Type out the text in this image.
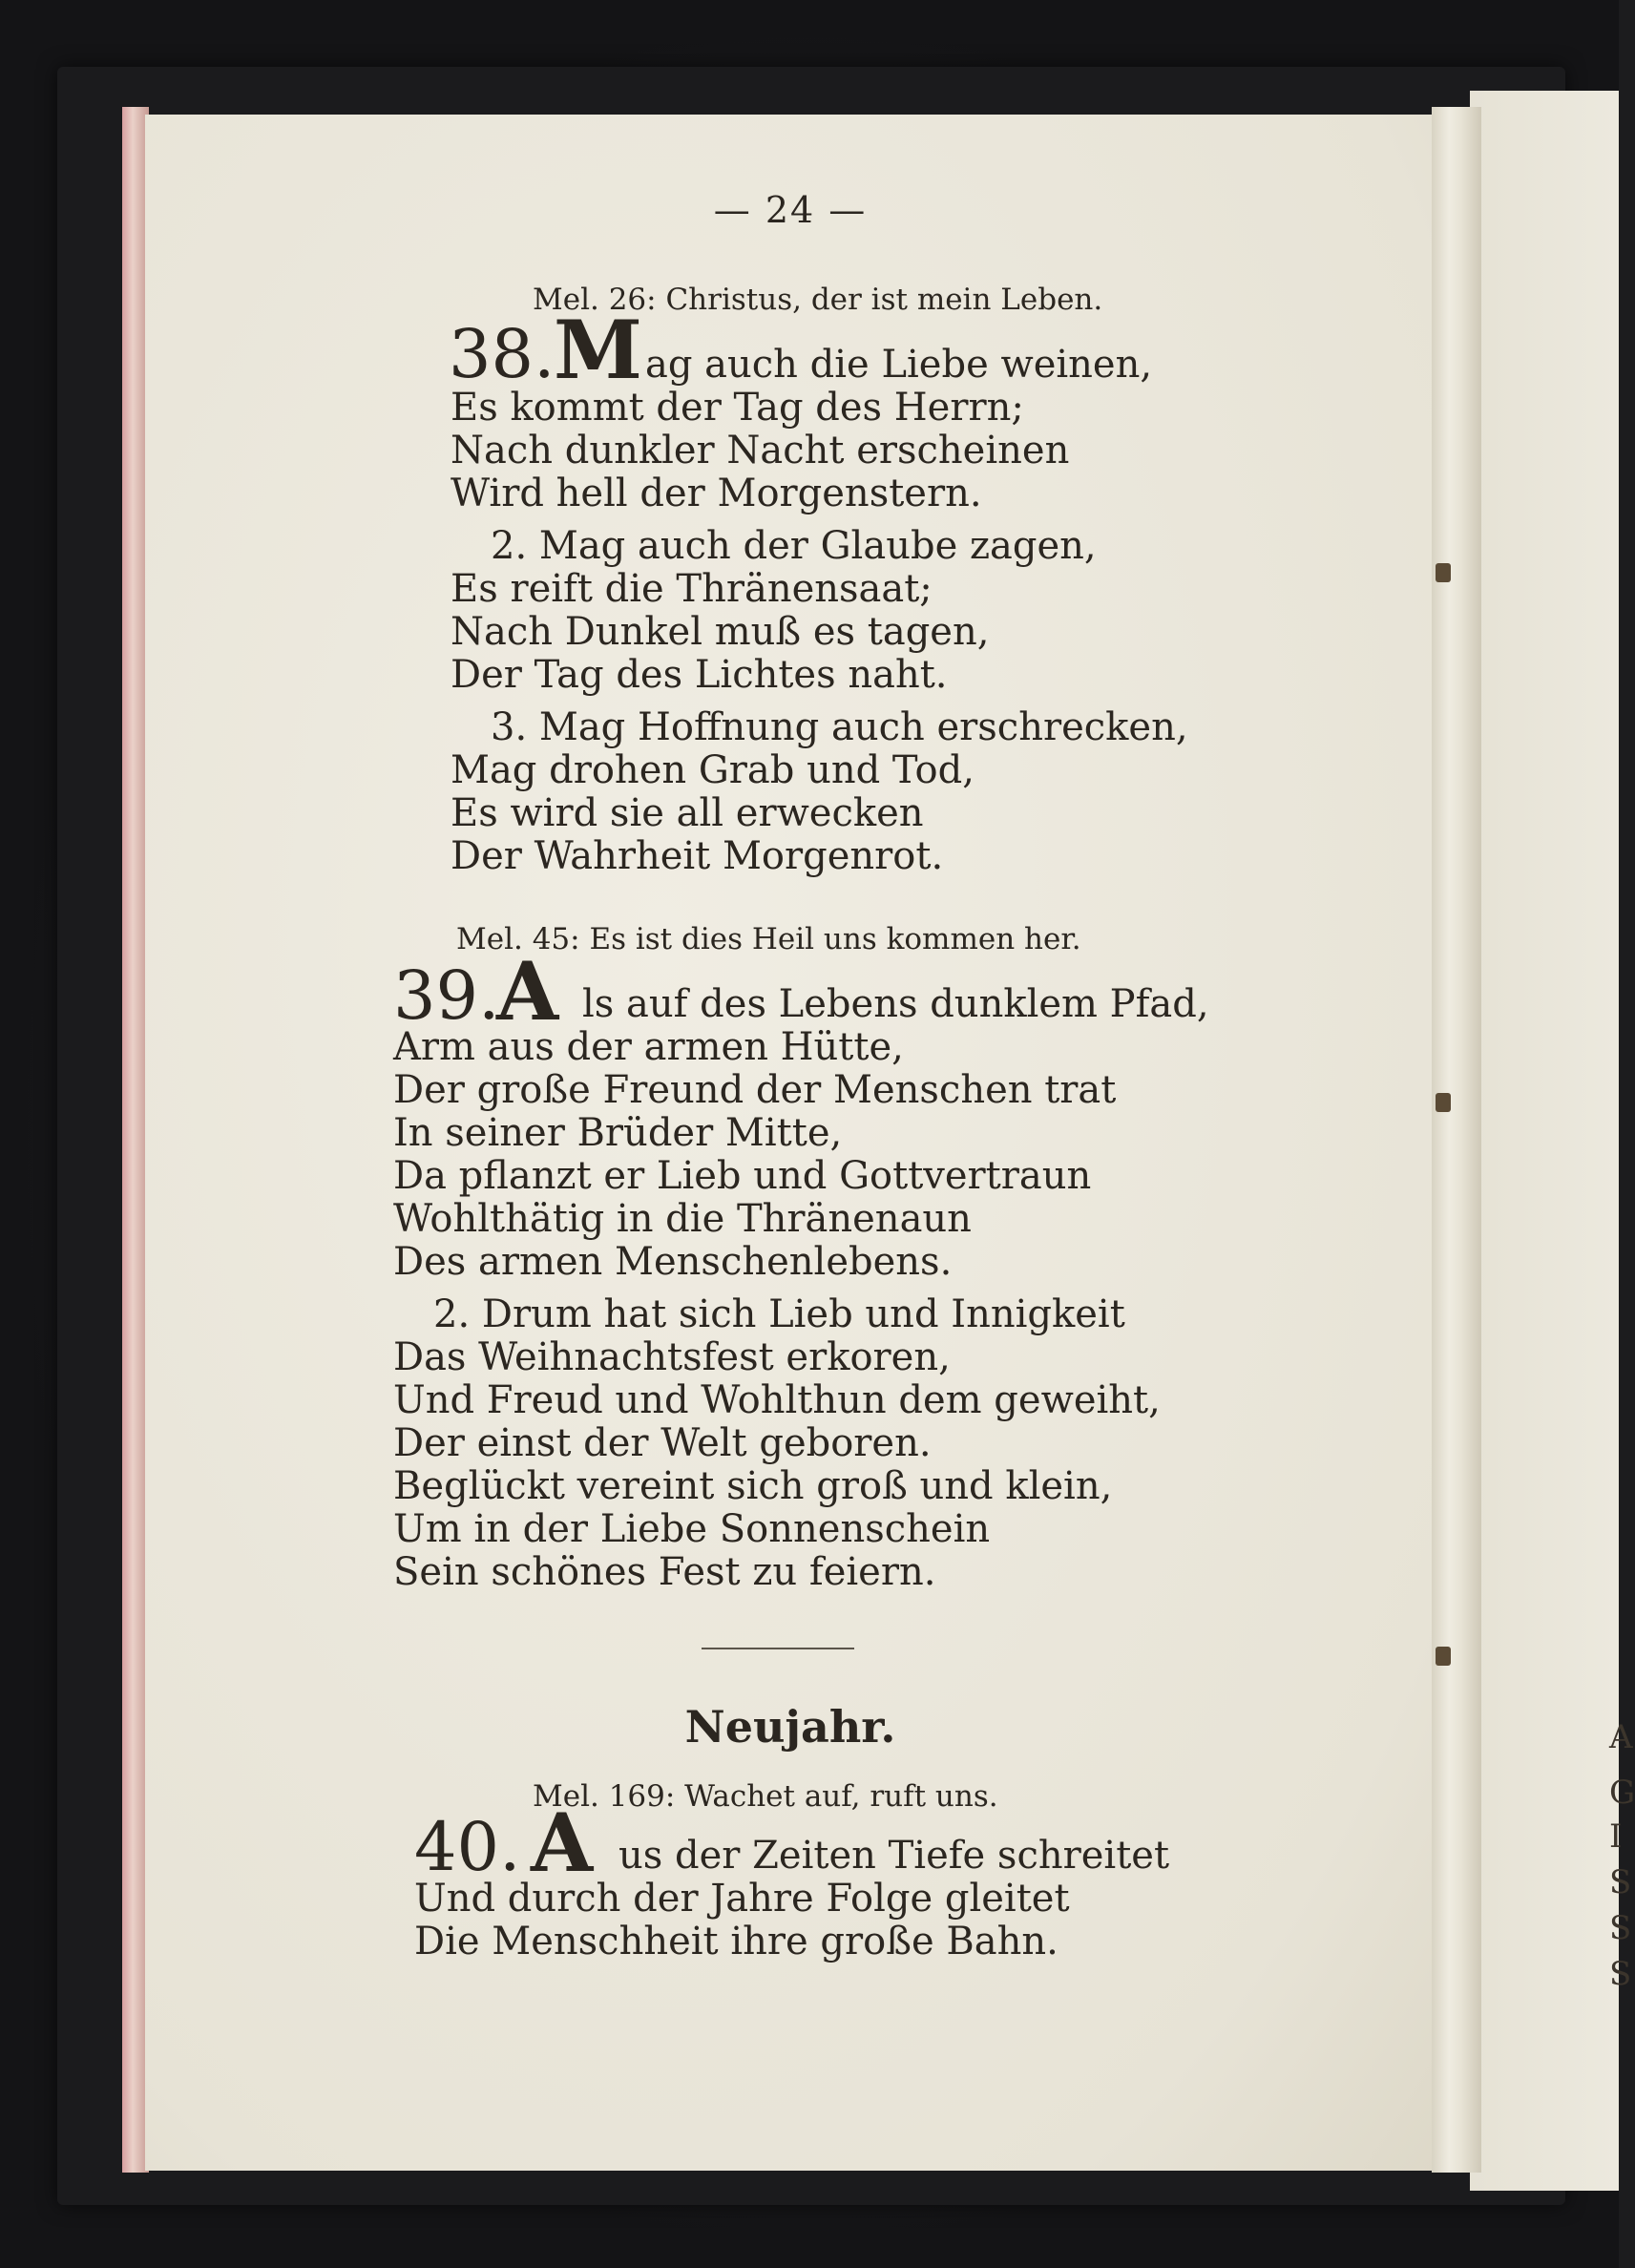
— 24 —
Mel. 26: Christus, der ist mein Leben.
38.
M ag auch die Liebe weinen,
Es kommt der Tag des Herrn;
Nach dunkler Nacht erscheinen
Wird hell der Morgenstern.
2. Mag auch der Glaube zagen,
Es reift die Thränensaat;
Nach Dunkel muß es tagen,
Der Tag des Lichtes naht.
3. Mag Hoffnung auch erschrecken,
Mag drohen Grab und Tod,
Es wird sie all erwecken
Der Wahrheit Morgenrot.
Mel. 45: Es ist dies Heil uns kommen her.
39.
A ls auf des Lebens dunklem Pfad,
Arm aus der armen Hütte,
Der große Freund der Menschen trat
In seiner Brüder Mitte,
Da pflanzt er Lieb und Gottvertraun
Wohlthätig in die Thränenaun
Des armen Menschenlebens.
2. Drum hat sich Lieb und Innigkeit
Das Weihnachtsfest erkoren,
Und Freud und Wohlthun dem geweiht,
Der einst der Welt geboren.
Beglückt vereint sich groß und klein,
Um in der Liebe Sonnenschein
Sein schönes Fest zu feiern.
Neujahr.
Mel. 169: Wachet auf, ruft uns.
40. A us der Zeiten Tiefe schreitet
Und durch der Jahre Folge gleitet
Die Menschheit ihre große Bahn.
A
G
I
S
S
S
